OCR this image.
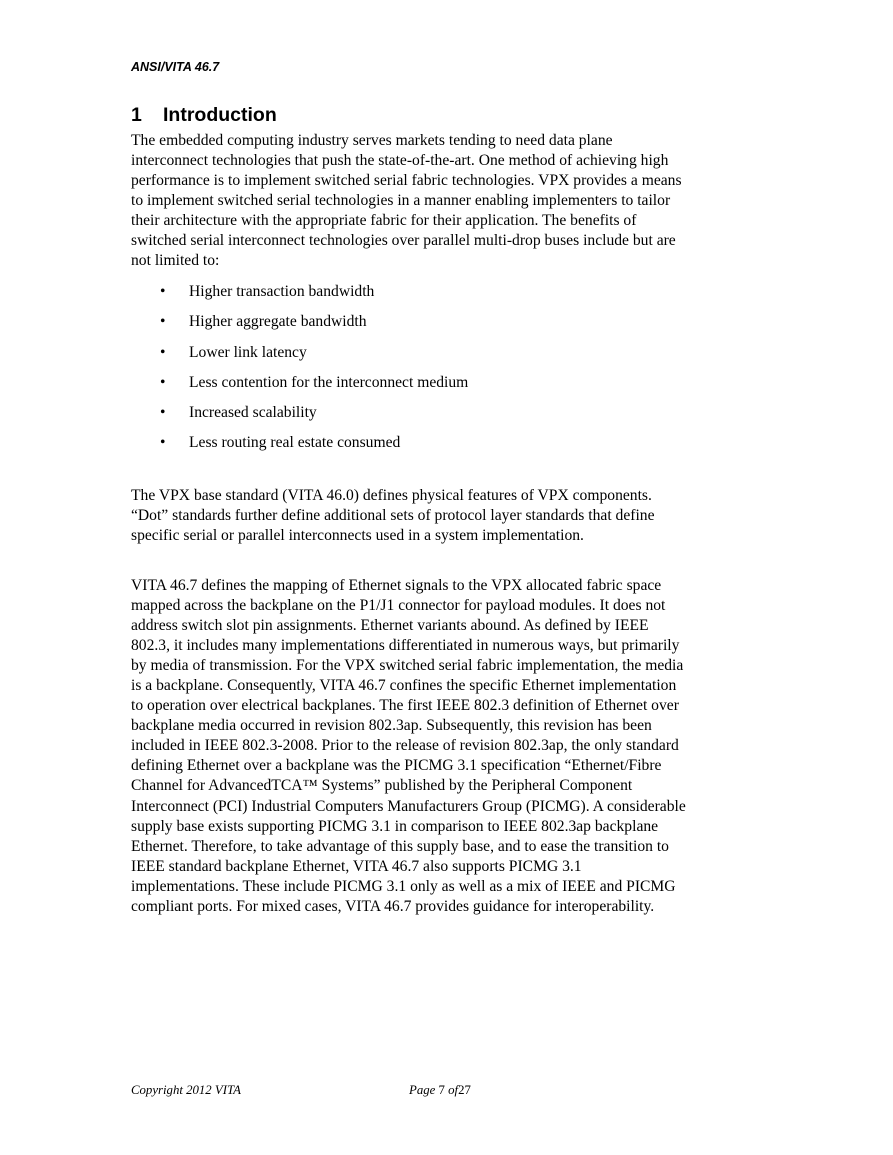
ANSI/VITA 46.7
1 Introduction
The embedded computing industry serves markets tending to need data plane
interconnect technologies that push the state-of-the-art. One method of achieving high
performance is to implement switched serial fabric technologies. VPX provides a means
to implement switched serial technologies in a manner enabling implementers to tailor
their architecture with the appropriate fabric for their application. The benefits of
switched serial interconnect technologies over parallel multi-drop buses include but are
not limited to:
• Higher transaction bandwidth
• Higher aggregate bandwidth
• Lower link latency
• Less contention for the interconnect medium
• Increased scalability
• Less routing real estate consumed
The VPX base standard (VITA 46.0) defines physical features of VPX components.
“Dot” standards further define additional sets of protocol layer standards that define
specific serial or parallel interconnects used in a system implementation.
VITA 46.7 defines the mapping of Ethernet signals to the VPX allocated fabric space
mapped across the backplane on the P1/J1 connector for payload modules. It does not
address switch slot pin assignments. Ethernet variants abound. As defined by IEEE
802.3, it includes many implementations differentiated in numerous ways, but primarily
by media of transmission. For the VPX switched serial fabric implementation, the media
is a backplane. Consequently, VITA 46.7 confines the specific Ethernet implementation
to operation over electrical backplanes. The first IEEE 802.3 definition of Ethernet over
backplane media occurred in revision 802.3ap. Subsequently, this revision has been
included in IEEE 802.3-2008. Prior to the release of revision 802.3ap, the only standard
defining Ethernet over a backplane was the PICMG 3.1 specification “Ethernet/Fibre
Channel for AdvancedTCA™ Systems” published by the Peripheral Component
Interconnect (PCI) Industrial Computers Manufacturers Group (PICMG). A considerable
supply base exists supporting PICMG 3.1 in comparison to IEEE 802.3ap backplane
Ethernet. Therefore, to take advantage of this supply base, and to ease the transition to
IEEE standard backplane Ethernet, VITA 46.7 also supports PICMG 3.1
implementations. These include PICMG 3.1 only as well as a mix of IEEE and PICMG
compliant ports. For mixed cases, VITA 46.7 provides guidance for interoperability.
Copyright 2012 VITA	Page 7 of27
